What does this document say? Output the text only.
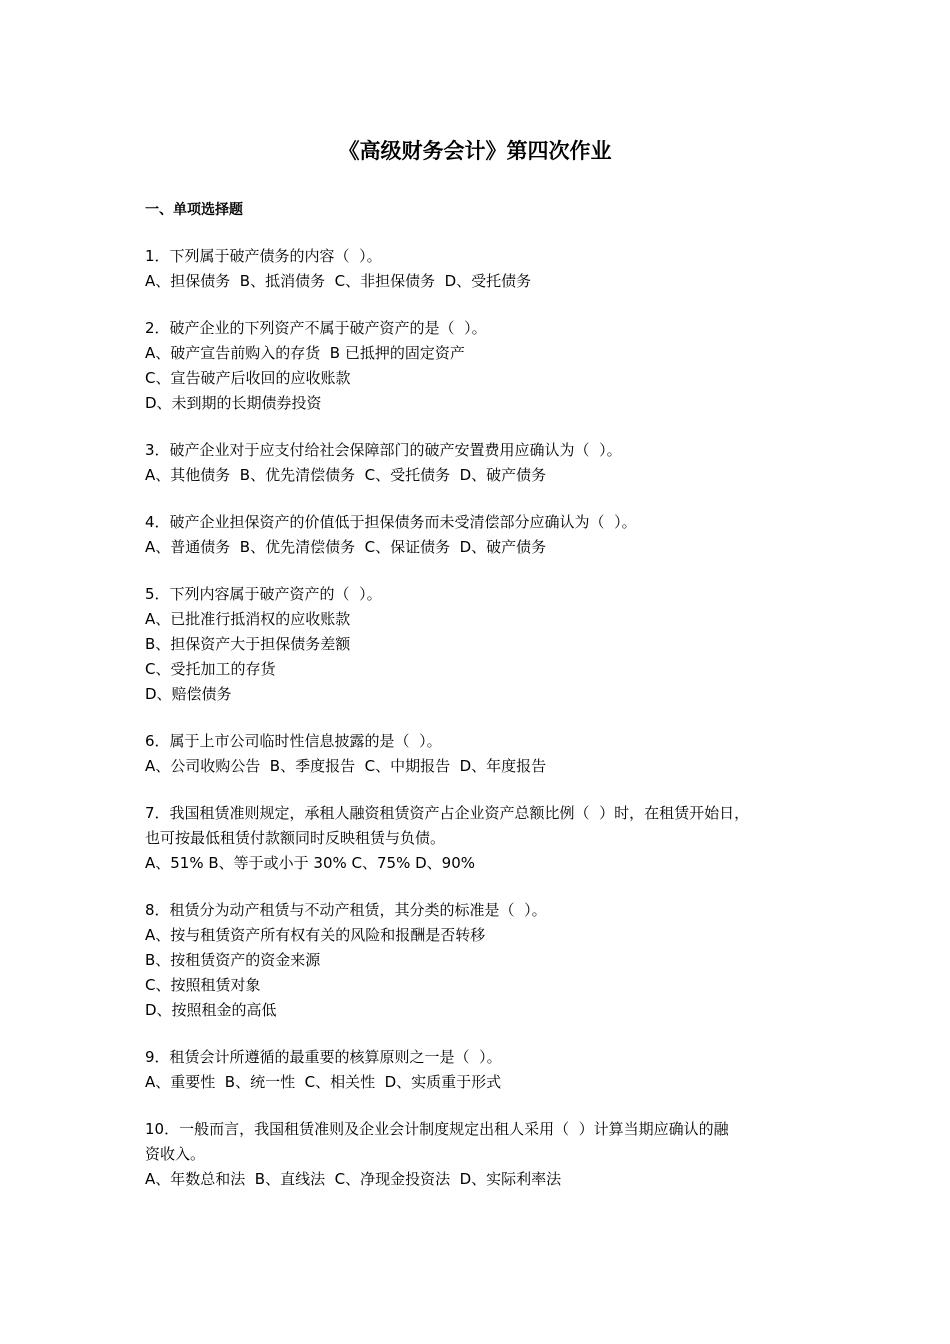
《高级财务会计》第四次作业
一、单项选择题
1．下列属于破产债务的内容（  ）。
A、担保债务  B、抵消债务  C、非担保债务  D、受托债务
2．破产企业的下列资产不属于破产资产的是（  ）。
A、破产宣告前购入的存货  B 已抵押的固定资产
C、宣告破产后收回的应收账款
D、未到期的长期债券投资
3．破产企业对于应支付给社会保障部门的破产安置费用应确认为（  ）。
A、其他债务  B、优先清偿债务  C、受托债务  D、破产债务
4．破产企业担保资产的价值低于担保债务而未受清偿部分应确认为（  ）。
A、普通债务  B、优先清偿债务  C、保证债务  D、破产债务
5．下列内容属于破产资产的（  ）。
A、已批准行抵消权的应收账款
B、担保资产大于担保债务差额
C、受托加工的存货
D、赔偿债务
6．属于上市公司临时性信息披露的是（  ）。
A、公司收购公告  B、季度报告  C、中期报告  D、年度报告
7．我国租赁准则规定，承租人融资租赁资产占企业资产总额比例（  ）时，在租赁开始日，
也可按最低租赁付款额同时反映租赁与负债。
A、51% B、等于或小于 30% C、75% D、90%
8．租赁分为动产租赁与不动产租赁，其分类的标准是（  ）。
A、按与租赁资产所有权有关的风险和报酬是否转移
B、按租赁资产的资金来源
C、按照租赁对象
D、按照租金的高低
9．租赁会计所遵循的最重要的核算原则之一是（  ）。
A、重要性  B、统一性  C、相关性  D、实质重于形式
10．一般而言，我国租赁准则及企业会计制度规定出租人采用（  ）计算当期应确认的融
资收入。
A、年数总和法  B、直线法  C、净现金投资法  D、实际利率法
